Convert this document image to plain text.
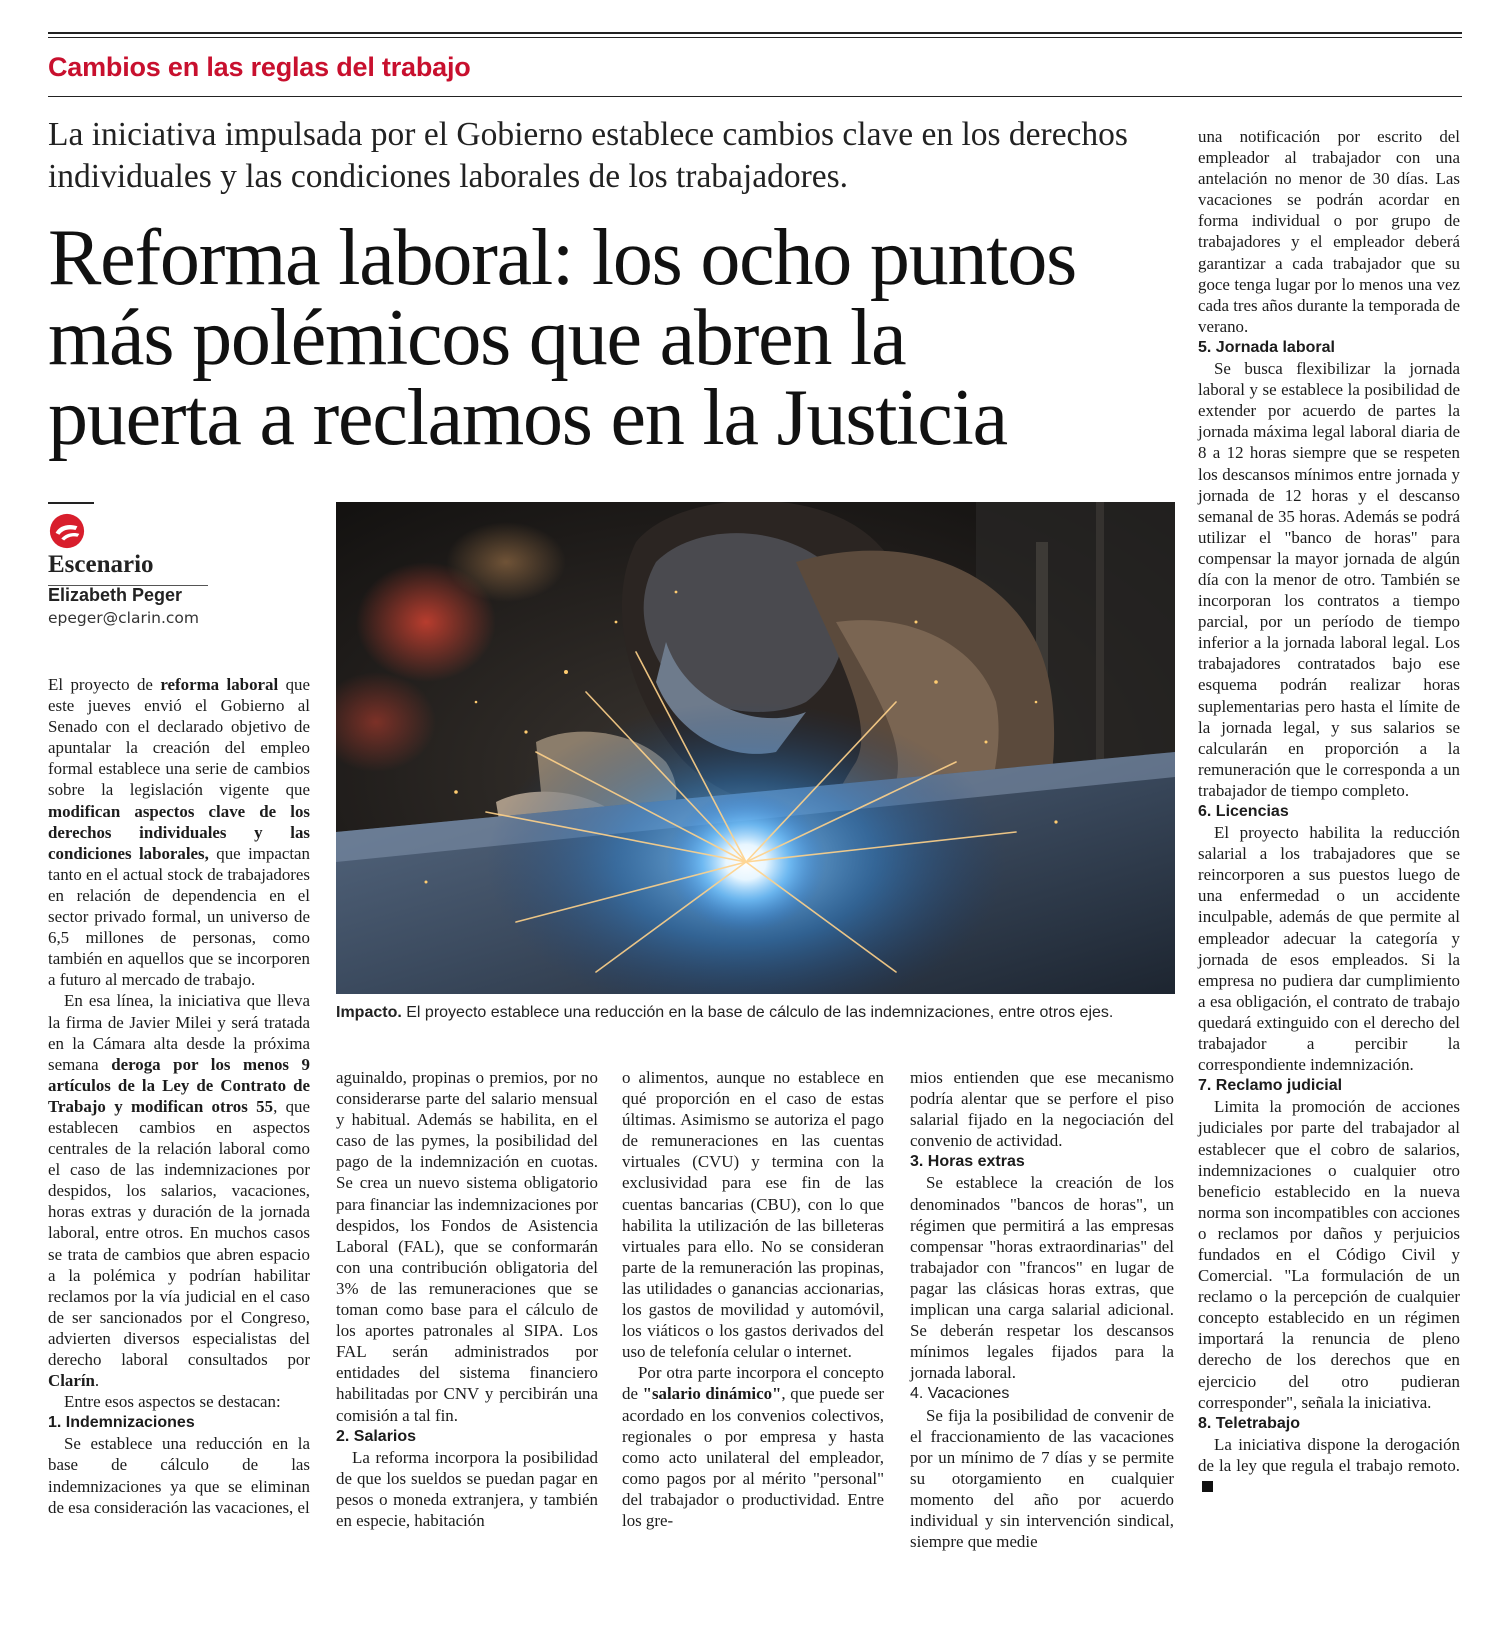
Cambios en las reglas del trabajo
La iniciativa impulsada por el Gobierno establece cambios clave en los derechos individuales y las condiciones laborales de los trabajadores.
Reforma laboral: los ocho puntos
más polémicos que abren la
puerta a reclamos en la Justicia
Escenario
Elizabeth Peger
epeger@clarin.com
Impacto. El proyecto establece una reducción en la base de cálculo de las indemnizaciones, entre otros ejes.

El proyecto de reforma laboral que este jueves envió el Gobierno al Senado con el declarado objetivo de apuntalar la creación del empleo formal establece una serie de cambios sobre la legislación vigente que modifican aspectos clave de los derechos individuales y las condiciones laborales, que impactan tanto en el actual stock de trabajadores en relación de dependencia en el sector privado formal, un universo de 6,5 millones de personas, como también en aquellos que se incorporen a futuro al mercado de trabajo.

En esa línea, la iniciativa que lleva la firma de Javier Milei y será tratada en la Cámara alta desde la próxima semana deroga por los menos 9 artículos de la Ley de Contrato de Trabajo y modifican otros 55, que establecen cambios en aspectos centrales de la relación laboral como el caso de las indemnizaciones por despidos, los salarios, vacaciones, horas extras y duración de la jornada laboral, entre otros. En muchos casos se trata de cambios que abren espacio a la polémica y podrían habilitar reclamos por la vía judicial en el caso de ser sancionados por el Congreso, advierten diversos especialistas del derecho laboral consultados por Clarín.

Entre esos aspectos se destacan:

1. Indemnizaciones

Se establece una reducción en la base de cálculo de las indemnizaciones ya que se eliminan de esa consideración las vacaciones, el

aguinaldo, propinas o premios, por no considerarse parte del salario mensual y habitual. Además se habilita, en el caso de las pymes, la posibilidad del pago de la indemnización en cuotas. Se crea un nuevo sistema obligatorio para financiar las indemnizaciones por despidos, los Fondos de Asistencia Laboral (FAL), que se conformarán con una contribución obligatoria del 3% de las remuneraciones que se toman como base para el cálculo de los aportes patronales al SIPA. Los FAL serán administrados por entidades del sistema financiero habilitadas por CNV y percibirán una comisión a tal fin.

2. Salarios

La reforma incorpora la posibilidad de que los sueldos se puedan pagar en pesos o moneda extranjera, y también en especie, habitación

o alimentos, aunque no establece en qué proporción en el caso de estas últimas. Asimismo se autoriza el pago de remuneraciones en las cuentas virtuales (CVU) y termina con la exclusividad para ese fin de las cuentas bancarias (CBU), con lo que habilita la utilización de las billeteras virtuales para ello. No se consideran parte de la remuneración las propinas, las utilidades o ganancias accionarias, los gastos de movilidad y automóvil, los viáticos o los gastos derivados del uso de telefonía celular o internet.

Por otra parte incorpora el concepto de "salario dinámico", que puede ser acordado en los convenios colectivos, regionales o por empresa y hasta como acto unilateral del empleador, como pagos por al mérito "personal" del trabajador o productividad. Entre los gre-

mios entienden que ese mecanismo podría alentar que se perfore el piso salarial fijado en la negociación del convenio de actividad.

3. Horas extras

Se establece la creación de los denominados "bancos de horas", un régimen que permitirá a las empresas compensar "horas extraordinarias" del trabajador con "francos" en lugar de pagar las clásicas horas extras, que implican una carga salarial adicional. Se deberán respetar los descansos mínimos legales fijados para la jornada laboral.

4. Vacaciones

Se fija la posibilidad de convenir de el fraccionamiento de las vacaciones por un mínimo de 7 días y se permite su otorgamiento en cualquier momento del año por acuerdo individual y sin intervención sindical, siempre que medie

una notificación por escrito del empleador al trabajador con una antelación no menor de 30 días. Las vacaciones se podrán acordar en forma individual o por grupo de trabajadores y el empleador deberá garantizar a cada trabajador que su goce tenga lugar por lo menos una vez cada tres años durante la temporada de verano.

5. Jornada laboral

Se busca flexibilizar la jornada laboral y se establece la posibilidad de extender por acuerdo de partes la jornada máxima legal laboral diaria de 8 a 12 horas siempre que se respeten los descansos mínimos entre jornada y jornada de 12 horas y el descanso semanal de 35 horas. Además se podrá utilizar el "banco de horas" para compensar la mayor jornada de algún día con la menor de otro. También se incorporan los contratos a tiempo parcial, por un período de tiempo inferior a la jornada laboral legal. Los trabajadores contratados bajo ese esquema podrán realizar horas suplementarias pero hasta el límite de la jornada legal, y sus salarios se calcularán en proporción a la remuneración que le corresponda a un trabajador de tiempo completo.

6. Licencias

El proyecto habilita la reducción salarial a los trabajadores que se reincorporen a sus puestos luego de una enfermedad o un accidente inculpable, además de que permite al empleador adecuar la categoría y jornada de esos empleados. Si la empresa no pudiera dar cumplimiento a esa obligación, el contrato de trabajo quedará extinguido con el derecho del trabajador a percibir la correspondiente indemnización.

7. Reclamo judicial

Limita la promoción de acciones judiciales por parte del trabajador al establecer que el cobro de salarios, indemnizaciones o cualquier otro beneficio establecido en la nueva norma son incompatibles con acciones o reclamos por daños y perjuicios fundados en el Código Civil y Comercial. "La formulación de un reclamo o la percepción de cualquier concepto establecido en un régimen importará la renuncia de pleno derecho de los derechos que en ejercicio del otro pudieran corresponder", señala la iniciativa.

8. Teletrabajo

La iniciativa dispone la derogación de la ley que regula el trabajo remoto.
